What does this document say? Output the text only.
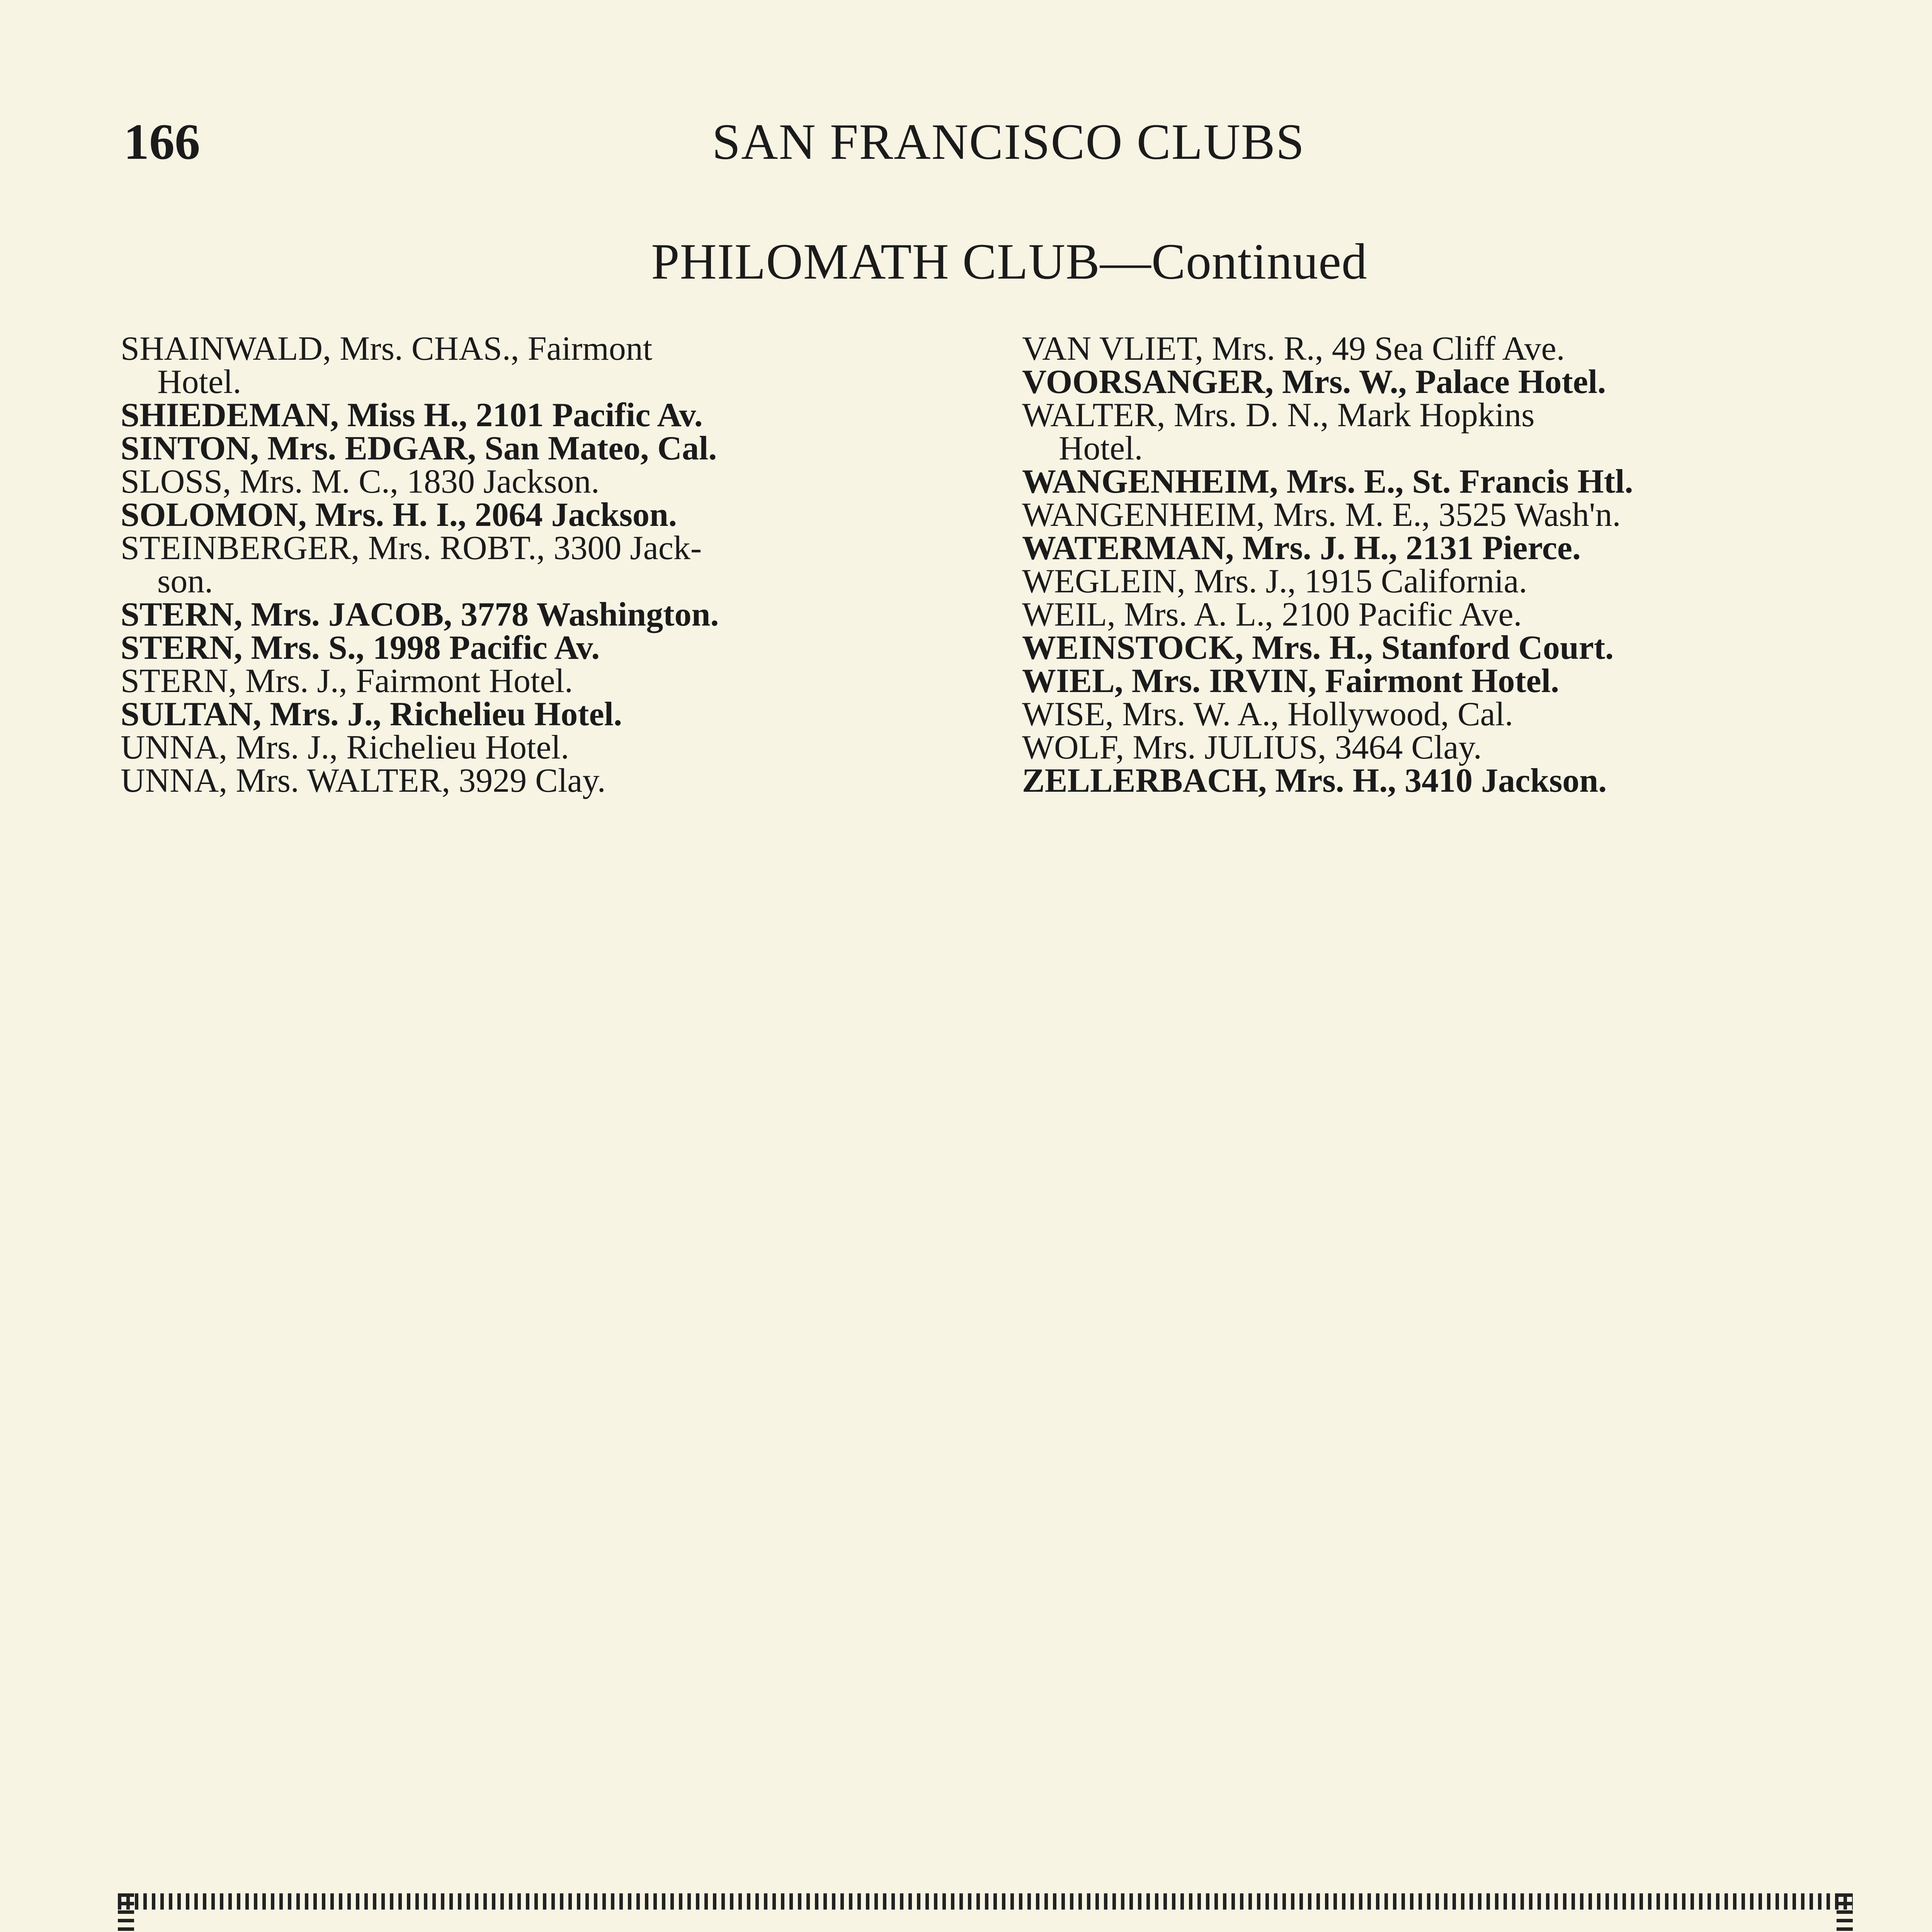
166	SAN FRANCISCO CLUBS
PHILOMATH CLUB—Continued

SHAINWALD, Mrs. CHAS., Fairmont
Hotel.

SHIEDEMAN, Miss H., 2101 Pacific Av.

SINTON, Mrs. EDGAR, San Mateo, Cal.

SLOSS, Mrs. M. C., 1830 Jackson.

SOLOMON, Mrs. H. I., 2064 Jackson.

STEINBERGER, Mrs. ROBT., 3300 Jack-
son.

STERN, Mrs. JACOB, 3778 Washington.

STERN, Mrs. S., 1998 Pacific Av.

STERN, Mrs. J., Fairmont Hotel.

SULTAN, Mrs. J., Richelieu Hotel.

UNNA, Mrs. J., Richelieu Hotel.

UNNA, Mrs. WALTER, 3929 Clay.

VAN VLIET, Mrs. R., 49 Sea Cliff Ave.

VOORSANGER, Mrs. W., Palace Hotel.

WALTER, Mrs. D. N., Mark Hopkins
Hotel.

WANGENHEIM, Mrs. E., St. Francis Htl.

WANGENHEIM, Mrs. M. E., 3525 Wash'n.

WATERMAN, Mrs. J. H., 2131 Pierce.

WEGLEIN, Mrs. J., 1915 California.

WEIL, Mrs. A. L., 2100 Pacific Ave.

WEINSTOCK, Mrs. H., Stanford Court.

WIEL, Mrs. IRVIN, Fairmont Hotel.

WISE, Mrs. W. A., Hollywood, Cal.

WOLF, Mrs. JULIUS, 3464 Clay.

ZELLERBACH, Mrs. H., 3410 Jackson.
